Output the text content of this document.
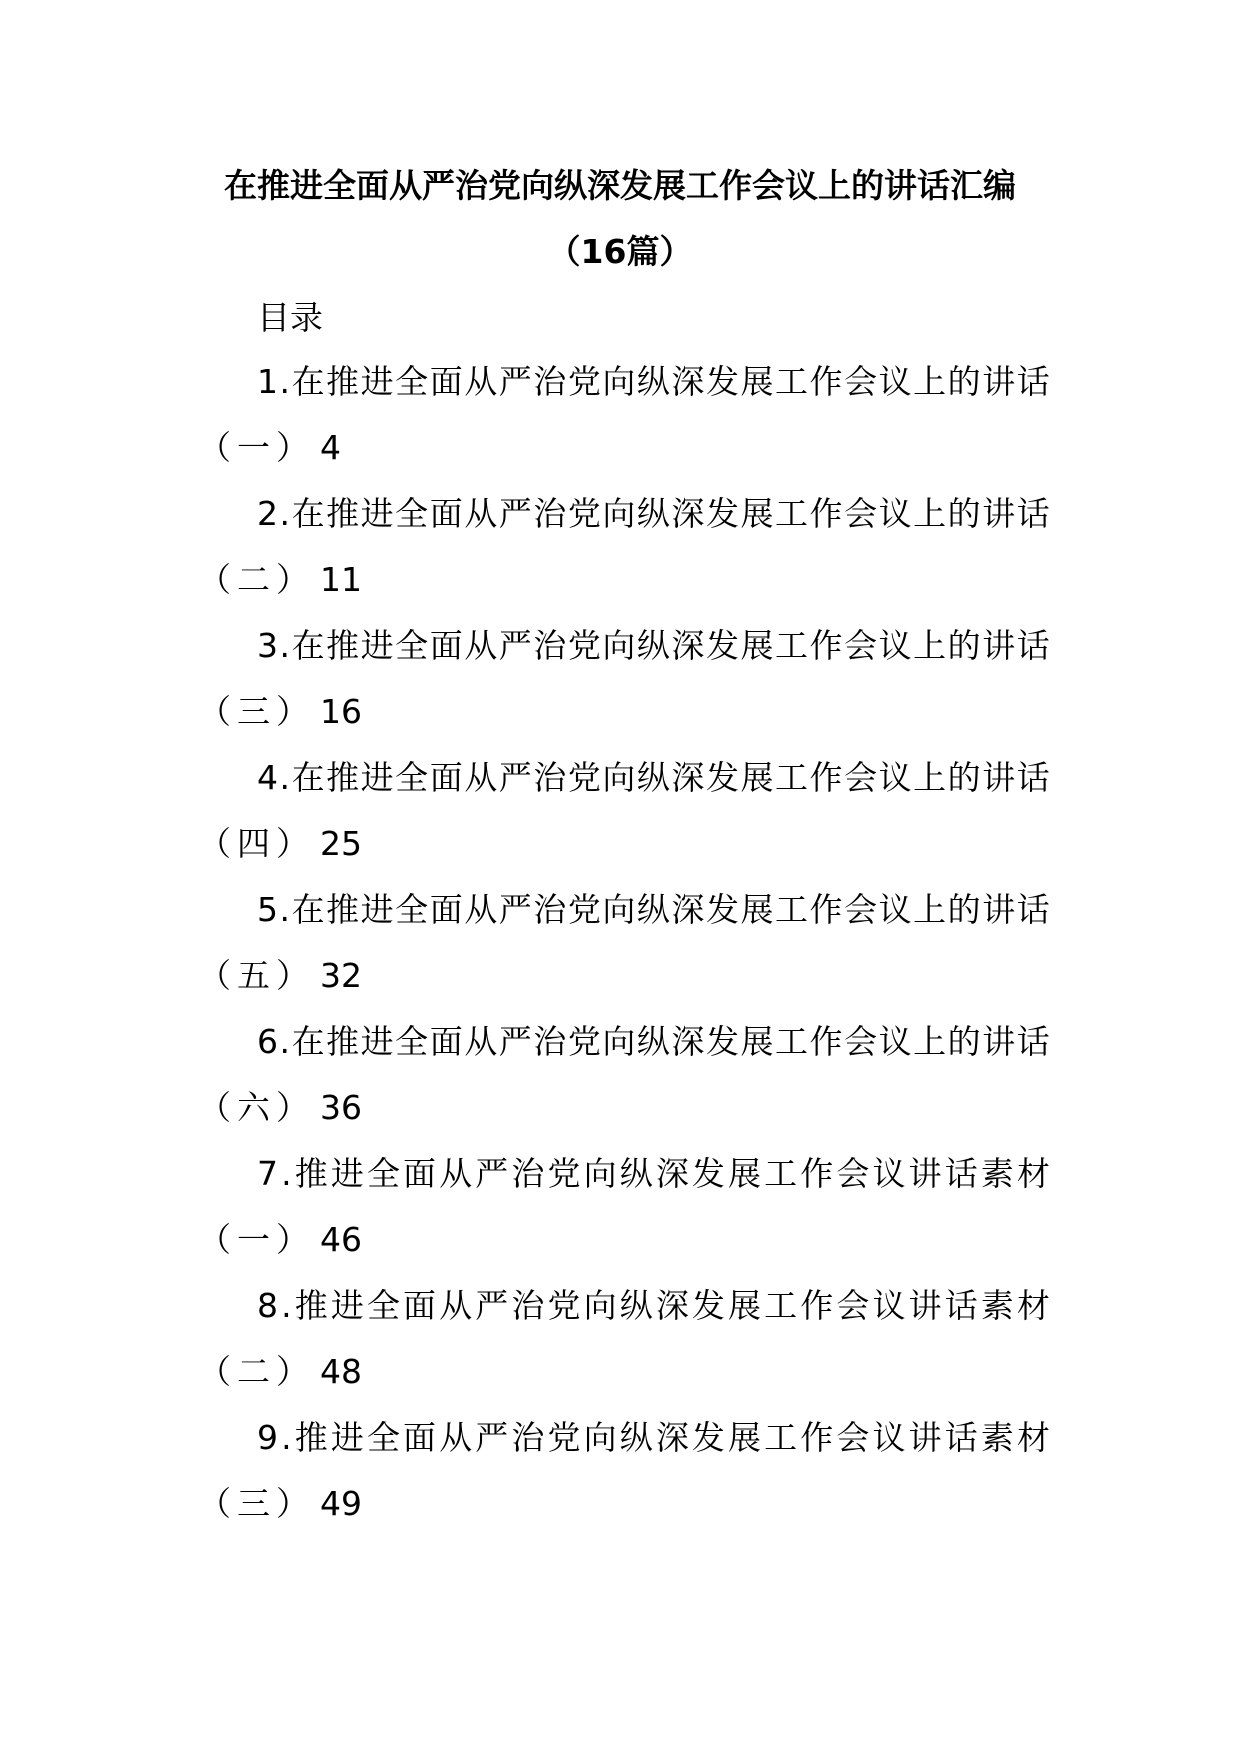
在推进全面从严治党向纵深发展工作会议上的讲话汇编
（16篇）
目录
1 . 在 推 进 全 面 从 严 治 党 向 纵 深 发 展 工 作 会 议 上 的 讲 话
（一） 4
2 . 在 推 进 全 面 从 严 治 党 向 纵 深 发 展 工 作 会 议 上 的 讲 话
（二） 11
3 . 在 推 进 全 面 从 严 治 党 向 纵 深 发 展 工 作 会 议 上 的 讲 话
（三） 16
4 . 在 推 进 全 面 从 严 治 党 向 纵 深 发 展 工 作 会 议 上 的 讲 话
（四） 25
5 . 在 推 进 全 面 从 严 治 党 向 纵 深 发 展 工 作 会 议 上 的 讲 话
（五） 32
6 . 在 推 进 全 面 从 严 治 党 向 纵 深 发 展 工 作 会 议 上 的 讲 话
（六） 36
7 . 推 进 全 面 从 严 治 党 向 纵 深 发 展 工 作 会 议 讲 话 素 材
（一） 46
8 . 推 进 全 面 从 严 治 党 向 纵 深 发 展 工 作 会 议 讲 话 素 材
（二） 48
9 . 推 进 全 面 从 严 治 党 向 纵 深 发 展 工 作 会 议 讲 话 素 材
（三） 49
